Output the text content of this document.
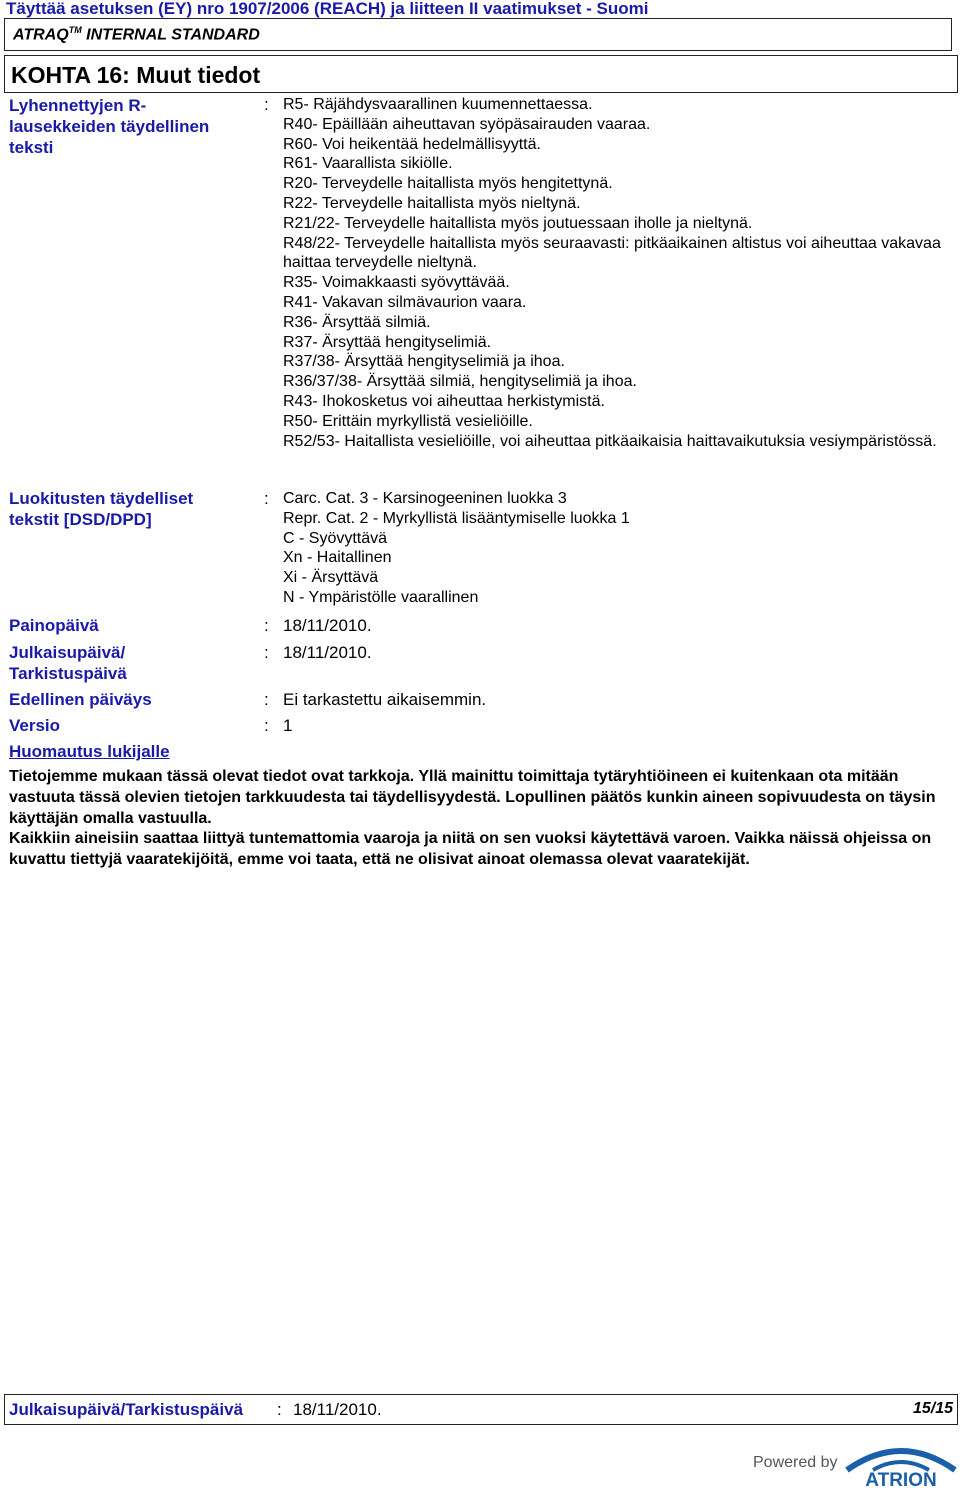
Täyttää asetuksen (EY) nro 1907/2006 (REACH) ja liitteen II vaatimukset - Suomi
ATRAQ™ INTERNAL STANDARD
KOHTA 16: Muut tiedot
Lyhennettyjen R-lausekkeiden täydellinen teksti
: R5- Räjähdysvaarallinen kuumennettaessa.
R40- Epäillään aiheuttavan syöpäsairauden vaaraa.
R60- Voi heikentää hedelmällisyyttä.
R61- Vaarallista sikiölle.
R20- Terveydelle haitallista myös hengitettynä.
R22- Terveydelle haitallista myös nieltynä.
R21/22- Terveydelle haitallista myös joutuessaan iholle ja nieltynä.
R48/22- Terveydelle haitallista myös seuraavasti: pitkäaikainen altistus voi aiheuttaa vakavaa haittaa terveydelle nieltynä.
R35- Voimakkaasti syövyttävää.
R41- Vakavan silmävaurion vaara.
R36- Ärsyttää silmiä.
R37- Ärsyttää hengityselimiä.
R37/38- Ärsyttää hengityselimiä ja ihoa.
R36/37/38- Ärsyttää silmiä, hengityselimiä ja ihoa.
R43- Ihokosketus voi aiheuttaa herkistymistä.
R50- Erittäin myrkyllistä vesieliöille.
R52/53- Haitallista vesieliöille, voi aiheuttaa pitkäaikaisia haittavaikutuksia vesiympäristössä.
Luokitusten täydelliset tekstit [DSD/DPD]
: Carc. Cat. 3 - Karsinogeeninen luokka 3
Repr. Cat. 2 - Myrkyllistä lisääntymiselle luokka 1
C - Syövyttävä
Xn - Haitallinen
Xi - Ärsyttävä
N - Ympäristölle vaarallinen
Painopäivä	: 18/11/2010.
Julkaisupäivä/ Tarkistuspäivä
: 18/11/2010.
Edellinen päiväys	: Ei tarkastettu aikaisemmin.
Versio	: 1
Huomautus lukijalle

Tietojemme mukaan tässä olevat tiedot ovat tarkkoja. Yllä mainittu toimittaja tytäryhtiöineen ei kuitenkaan ota mitään vastuuta tässä olevien tietojen tarkkuudesta tai täydellisyydestä. Lopullinen päätös kunkin aineen sopivuudesta on täysin käyttäjän omalla vastuulla.

Kaikkiin aineisiin saattaa liittyä tuntemattomia vaaroja ja niitä on sen vuoksi käytettävä varoen. Vaikka näissä ohjeissa on kuvattu tiettyjä vaaratekijöitä, emme voi taata, että ne olisivat ainoat olemassa olevat vaaratekijät.

Julkaisupäivä/Tarkistuspäivä : 18/11/2010.	15/15
Powered by
ATRION
